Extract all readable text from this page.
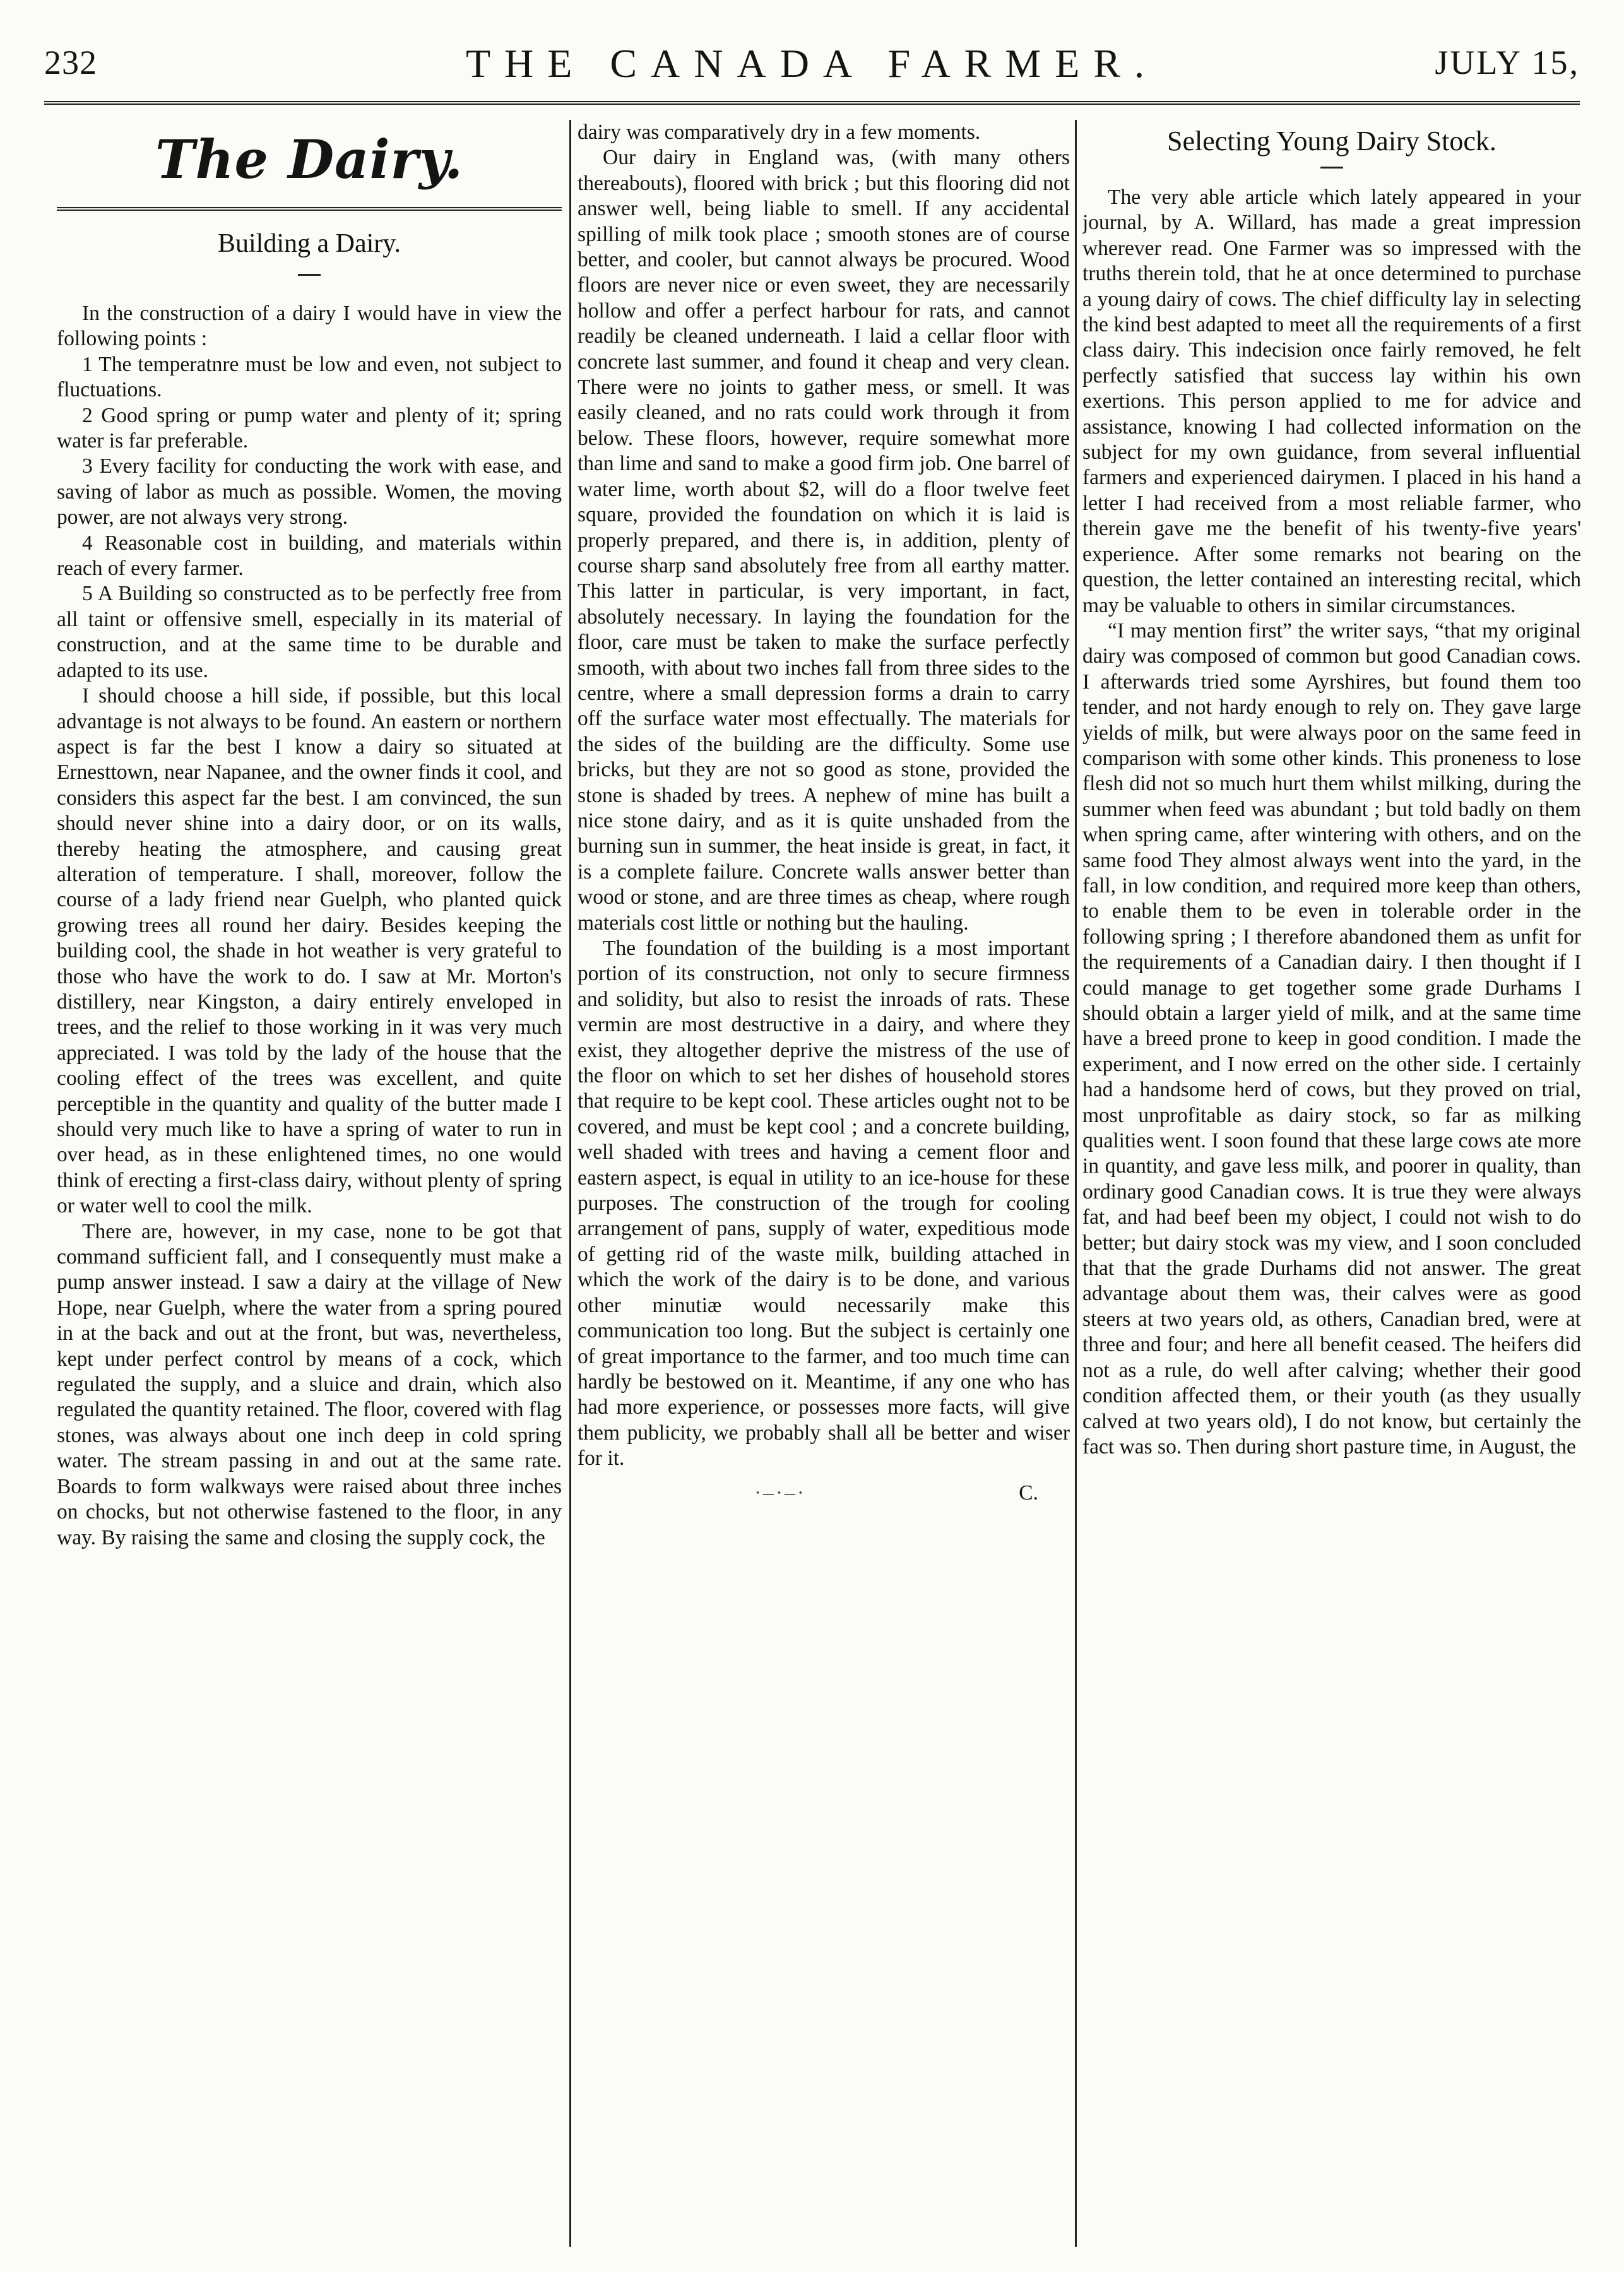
232	THE CANADA FARMER.	JULY 15,
The Dairy.
Building a Dairy.

In the construction of a dairy I would have in view the following points :

1 The temperatnre must be low and even, not subject to fluctuations.

2 Good spring or pump water and plenty of it; spring water is far preferable.

3 Every facility for conducting the work with ease, and saving of labor as much as possible. Women, the moving power, are not always very strong.

4 Reasonable cost in building, and materials within reach of every farmer.

5 A Building so constructed as to be perfectly free from all taint or offensive smell, especially in its material of construction, and at the same time to be durable and adapted to its use.

I should choose a hill side, if possible, but this local advantage is not always to be found. An eastern or northern aspect is far the best I know a dairy so situated at Ernesttown, near Napanee, and the owner finds it cool, and considers this aspect far the best. I am convinced, the sun should never shine into a dairy door, or on its walls, thereby heating the atmosphere, and causing great alteration of temperature. I shall, moreover, follow the course of a lady friend near Guelph, who planted quick growing trees all round her dairy. Besides keeping the building cool, the shade in hot weather is very grateful to those who have the work to do. I saw at Mr. Morton's distillery, near Kingston, a dairy entirely enveloped in trees, and the relief to those working in it was very much appreciated. I was told by the lady of the house that the cooling effect of the trees was excellent, and quite perceptible in the quantity and quality of the butter made I should very much like to have a spring of water to run in over head, as in these enlightened times, no one would think of erecting a first-class dairy, without plenty of spring or water well to cool the milk.

There are, however, in my case, none to be got that command sufficient fall, and I consequently must make a pump answer instead. I saw a dairy at the village of New Hope, near Guelph, where the water from a spring poured in at the back and out at the front, but was, nevertheless, kept under perfect control by means of a cock, which regulated the supply, and a sluice and drain, which also regulated the quantity retained. The floor, covered with flag stones, was always about one inch deep in cold spring water. The stream passing in and out at the same rate. Boards to form walkways were raised about three inches on chocks, but not otherwise fastened to the floor, in any way. By raising the same and closing the supply cock, the

dairy was comparatively dry in a few moments.

Our dairy in England was, (with many others thereabouts), floored with brick ; but this flooring did not answer well, being liable to smell. If any accidental spilling of milk took place ; smooth stones are of course better, and cooler, but cannot always be procured. Wood floors are never nice or even sweet, they are necessarily hollow and offer a perfect harbour for rats, and cannot readily be cleaned underneath. I laid a cellar floor with concrete last summer, and found it cheap and very clean. There were no joints to gather mess, or smell. It was easily cleaned, and no rats could work through it from below. These floors, however, require somewhat more than lime and sand to make a good firm job. One barrel of water lime, worth about $2, will do a floor twelve feet square, provided the foundation on which it is laid is properly prepared, and there is, in addition, plenty of course sharp sand absolutely free from all earthy matter. This latter in particular, is very important, in fact, absolutely necessary. In laying the foundation for the floor, care must be taken to make the surface perfectly smooth, with about two inches fall from three sides to the centre, where a small depression forms a drain to carry off the surface water most effectually. The materials for the sides of the building are the difficulty. Some use bricks, but they are not so good as stone, provided the stone is shaded by trees. A nephew of mine has built a nice stone dairy, and as it is quite unshaded from the burning sun in summer, the heat inside is great, in fact, it is a complete failure. Concrete walls answer better than wood or stone, and are three times as cheap, where rough materials cost little or nothing but the hauling.

The foundation of the building is a most important portion of its construction, not only to secure firmness and solidity, but also to resist the inroads of rats. These vermin are most destructive in a dairy, and where they exist, they altogether deprive the mistress of the use of the floor on which to set her dishes of household stores that require to be kept cool. These articles ought not to be covered, and must be kept cool ; and a concrete building, well shaded with trees and having a cement floor and eastern aspect, is equal in utility to an ice-house for these purposes. The construction of the trough for cooling arrangement of pans, supply of water, expeditious mode of getting rid of the waste milk, building attached in which the work of the dairy is to be done, and various other minutiæ would necessarily make this communication too long. But the subject is certainly one of great importance to the farmer, and too much time can hardly be bestowed on it. Meantime, if any one who has had more experience, or possesses more facts, will give them publicity, we probably shall all be better and wiser for it.

·‒·‒·	C.
Selecting Young Dairy Stock.

The very able article which lately appeared in your journal, by A. Willard, has made a great impression wherever read. One Farmer was so impressed with the truths therein told, that he at once determined to purchase a young dairy of cows. The chief difficulty lay in selecting the kind best adapted to meet all the requirements of a first class dairy. This indecision once fairly removed, he felt perfectly satisfied that success lay within his own exertions. This person applied to me for advice and assistance, knowing I had collected information on the subject for my own guidance, from several influential farmers and experienced dairymen. I placed in his hand a letter I had received from a most reliable farmer, who therein gave me the benefit of his twenty-five years' experience. After some remarks not bearing on the question, the letter contained an interesting recital, which may be valuable to others in similar circumstances.

“I may mention first” the writer says, “that my original dairy was composed of common but good Canadian cows. I afterwards tried some Ayrshires, but found them too tender, and not hardy enough to rely on. They gave large yields of milk, but were always poor on the same feed in comparison with some other kinds. This proneness to lose flesh did not so much hurt them whilst milking, during the summer when feed was abundant ; but told badly on them when spring came, after wintering with others, and on the same food They almost always went into the yard, in the fall, in low condition, and required more keep than others, to enable them to be even in tolerable order in the following spring ; I therefore abandoned them as unfit for the requirements of a Canadian dairy. I then thought if I could manage to get together some grade Durhams I should obtain a larger yield of milk, and at the same time have a breed prone to keep in good condition. I made the experiment, and I now erred on the other side. I certainly had a handsome herd of cows, but they proved on trial, most unprofitable as dairy stock, so far as milking qualities went. I soon found that these large cows ate more in quantity, and gave less milk, and poorer in quality, than ordinary good Canadian cows. It is true they were always fat, and had beef been my object, I could not wish to do better; but dairy stock was my view, and I soon concluded that that the grade Durhams did not answer. The great advantage about them was, their calves were as good steers at two years old, as others, Canadian bred, were at three and four; and here all benefit ceased. The heifers did not as a rule, do well after calving; whether their good condition affected them, or their youth (as they usually calved at two years old), I do not know, but certainly the fact was so. Then during short pasture time, in August, the
